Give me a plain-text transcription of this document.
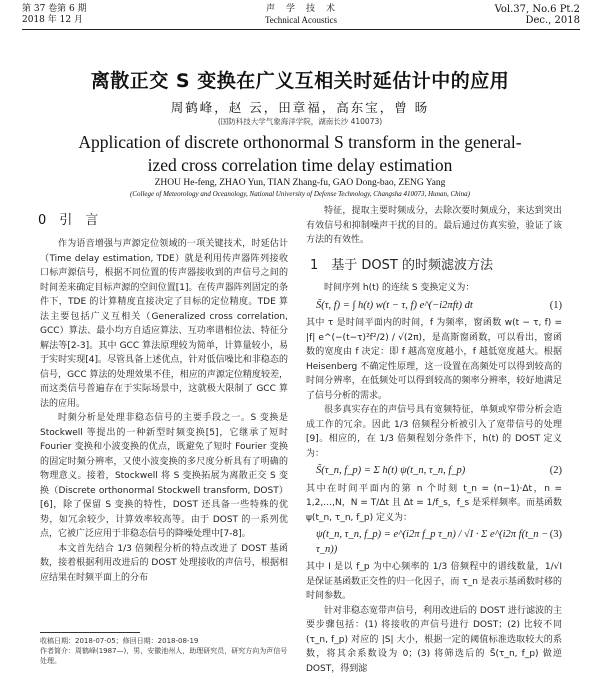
第 37 卷第 6 期
2018 年 12 月
声　学　技　术
Technical Acoustics
Vol.37, No.6 Pt.2
Dec., 2018
离散正交 S 变换在广义互相关时延估计中的应用
周鹤峰，赵 云，田章福，高东宝，曾 旸
(国防科技大学气象海洋学院，湖南长沙 410073)
Application of discrete orthonormal S transform in the general-
ized cross correlation time delay estimation
ZHOU He-feng, ZHAO Yun, TIAN Zhang-fu, GAO Dong-bao, ZENG Yang
(College of Meteorology and Oceanology, National University of Defense Technology, Changsha 410073, Hunan, China)
0　引　言

作为语音增强与声源定位领域的一项关键技术，时延估计（Time delay estimation, TDE）就是利用传声器阵列接收口标声源信号，根据不同位置的传声器接收到的声信号之间的时间差来确定目标声源的空间位置[1]。在传声器阵列固定的条件下，TDE 的计算精度直接决定了目标的定位精度。TDE 算法主要包括广义互相关（Generalized cross correlation, GCC）算法、最小均方自适应算法、互功率谱相位法、特征分解法等[2-3]。其中 GCC 算法原理较为简单，计算量较小，易于实时实现[4]。尽管具备上述优点，针对低信噪比和非稳态的信号，GCC 算法的处理效果不佳，相应的声源定位精度较差，而这类信号普遍存在于实际场景中，这就极大限制了 GCC 算法的应用。

时频分析是处理非稳态信号的主要手段之一。S 变换是 Stockwell 等提出的一种新型时频变换[5]，它继承了短时 Fourier 变换和小波变换的优点，既避免了短时 Fourier 变换的固定时频分辨率，又使小波变换的多尺度分析具有了明确的物理意义。接着，Stockwell 将 S 变换拓展为离散正交 S 变换（Discrete orthonormal Stockwell transform, DOST）[6]，除了保留 S 变换的特性，DOST 还具备一些特殊的优势，如冗余较少，计算效率较高等。由于 DOST 的一系列优点，它被广泛应用于非稳态信号的降噪处理中[7-8]。

本文首先结合 1/3 倍频程分析的特点改进了 DOST 基函数，接着根据利用改进后的 DOST 处理接收的声信号，根据相应结果在时频平面上的分布

收稿日期：2018-07-05；修回日期：2018-08-19
作者简介：周鹤峰(1987—)，男，安徽池州人，助理研究员，研究方向为声信号处理。

特征，提取主要时频成分，去除次要时频成分，来达到突出有效信号和抑制噪声干扰的目的。最后通过仿真实验，验证了该方法的有效性。

1　基于 DOST 的时频滤波方法

时间序列 h(t) 的连续 S 变换定义为：

S̃(τ, f) = ∫ h(t) w(t − τ, f) e^(−i2πft) dt	(1)

其中 τ 是时间平面内的时间，f 为频率，窗函数 w(t − τ, f) = |f| e^(−(t−τ)²f²/2) / √(2π)，是高斯窗函数，可以看出，窗函数的宽度由 f 决定：即 f 越高宽度越小，f 越低宽度越大。根据 Heisenberg 不确定性原理，这一设置在高频处可以得到较高的时间分辨率，在低频处可以得到较高的频率分辨率，较好地满足了信号分析的需求。

很多真实存在的声信号具有宽频特征，单频或窄带分析会造成工作的冗余。因此 1/3 倍频程分析被引入了宽带信号的处理[9]。相应的，在 1/3 倍频程划分条件下，h(t) 的 DOST 定义为：

S̃(τ_n, f_p) = Σ h(t) ψ(t_n, τ_n, f_p)	(2)

其中在时间平面内的第 n 个时刻 t_n = (n−1)·Δt，n = 1,2,…,N，N = T/Δt 且 Δt = 1/f_s，f_s 是采样频率。而基函数 ψ(t_n, τ_n, f_p) 定义为：

ψ(t_n, τ_n, f_p) = e^(i2π f_p τ_n) / √I · Σ e^(i2π f(t_n − τ_n))
(3)

其中 I 是以 f_p 为中心频率的 1/3 倍频程中的谱线数量，1/√I 是保证基函数正交性的归一化因子，而 τ_n 是表示基函数时移的时间参数。

针对非稳态宽带声信号，利用改进后的 DOST 进行滤波的主要步骤包括：(1) 将接收的声信号进行 DOST；(2) 比较不同 (τ_n, f_p) 对应的 |S| 大小，根据一定的阈值标准选取较大的系数，将其余系数设为 0；(3) 将筛选后的 S̃(τ_n, f_p) 做逆 DOST，得到滤
